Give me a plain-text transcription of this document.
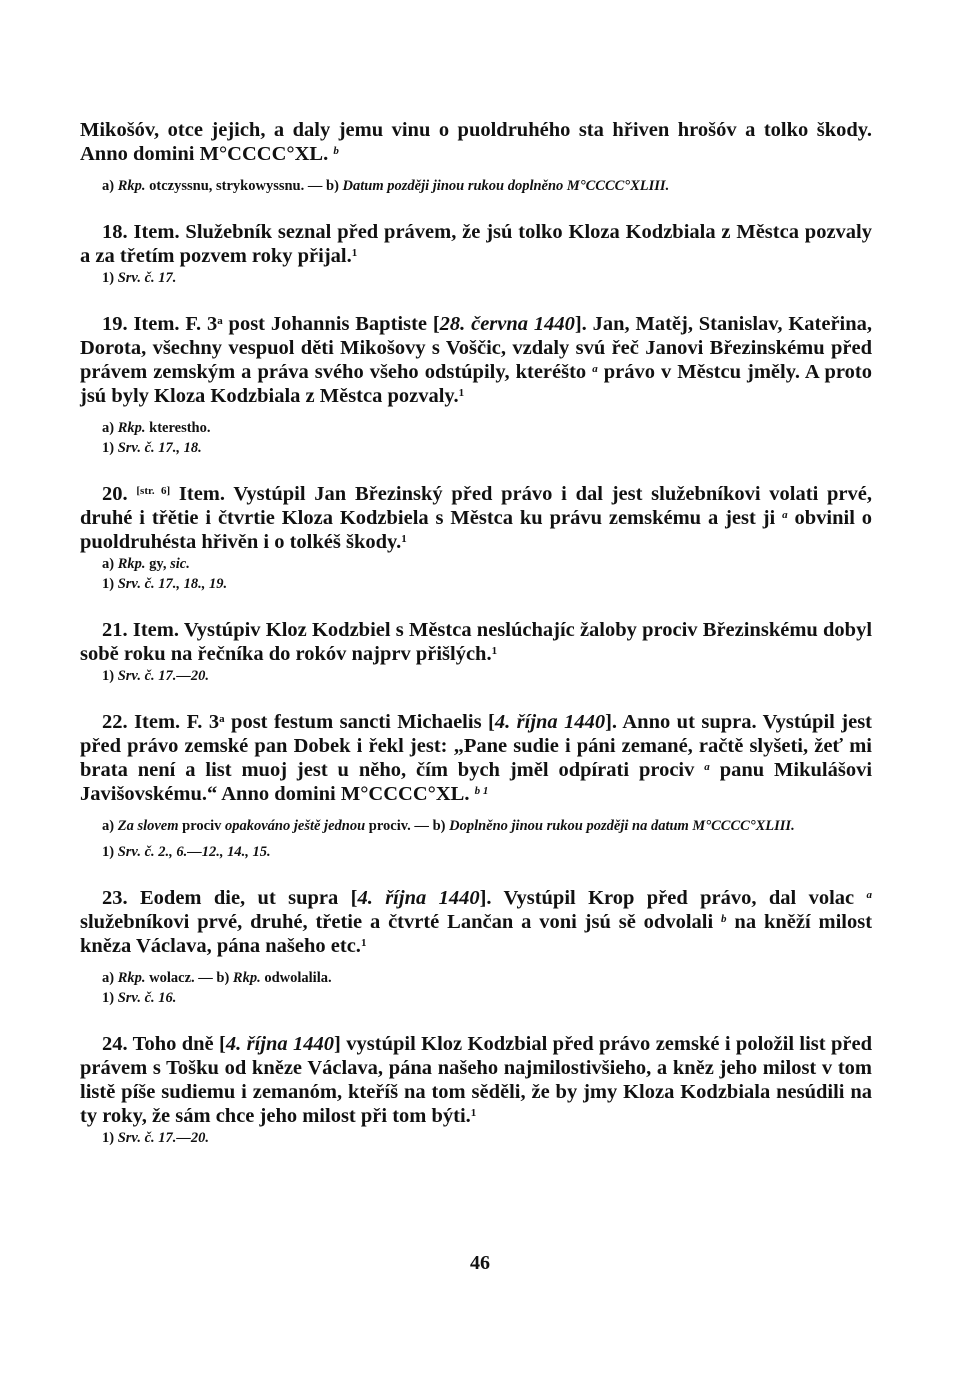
Mikošóv, otce jejich, a daly jemu vinu o puoldruhého sta hřiven hrošóv a tolko škody. Anno domini M°CCCC°XL. $^b$

a) Rkp. otczyssnu, strykowyssnu. — b) Datum později jinou rukou doplněno M°CCCC°XLIII.

18. Item. Služebník seznal před právem, že jsú tolko Kloza Kodzbiala z Městca pozvaly a za třetím pozvem roky přijal.$^1$

1) Srv. č. 17.

19. Item. F. 3$^a$ post Johannis Baptiste [28. června 1440]. Jan, Matěj, Stanislav, Kateřina, Dorota, všechny vespuol děti Mikošovy s Voščic, vzdaly svú řeč Janovi Březinskému před právem zemským a práva svého všeho odstúpily, kteréšto $^a$ právo v Městcu jměly. A proto jsú byly Kloza Kodzbiala z Městca pozvaly.$^1$

a) Rkp. kterestho.

1) Srv. č. 17., 18.

20. [str. 6] Item. Vystúpil Jan Březinský před právo i dal jest služebníkovi volati prvé, druhé i třětie i čtvrtie Kloza Kodzbiela s Městca ku právu zemskému a jest ji $^a$ obvinil o puoldruhésta hřivěn i o tolkéš škody.$^1$

a) Rkp. gy, sic.

1) Srv. č. 17., 18., 19.

21. Item. Vystúpiv Kloz Kodzbiel s Městca neslúchajíc žaloby prociv Březinskému dobyl sobě roku na řečníka do rokóv najprv přišlých.$^1$

1) Srv. č. 17.—20.

22. Item. F. 3$^a$ post festum sancti Michaelis [4. října 1440]. Anno ut supra. Vystúpil jest před právo zemské pan Dobek i řekl jest: „Pane sudie i páni zemané, račtě slyšeti, žeť mi brata není a list muoj jest u něho, čím bych jměl odpírati prociv $^a$ panu Mikulášovi Javišovskému.“ Anno domini M°CCCC°XL. $^{b 1}$

a) Za slovem prociv opakováno ještě jednou prociv. — b) Doplněno jinou rukou později na datum M°CCCC°XLIII.

1) Srv. č. 2., 6.—12., 14., 15.

23. Eodem die, ut supra [4. října 1440]. Vystúpil Krop před právo, dal volac $^a$ služebníkovi prvé, druhé, třetie a čtvrté Lančan a voni jsú sě odvolali $^b$ na kněží milost kněza Václava, pána našeho etc.$^1$

a) Rkp. wolacz. — b) Rkp. odwolalila.

1) Srv. č. 16.

24. Toho dně [4. října 1440] vystúpil Kloz Kodzbial před právo zemské i položil list před právem s Tošku od kněze Václava, pána našeho najmilostivšieho, a kněz jeho milost v tom listě píše sudiemu i zemanóm, kteříš na tom sěděli, že by jmy Kloza Kodzbiala nesúdili na ty roky, že sám chce jeho milost při tom býti.$^1$

1) Srv. č. 17.—20.

46
